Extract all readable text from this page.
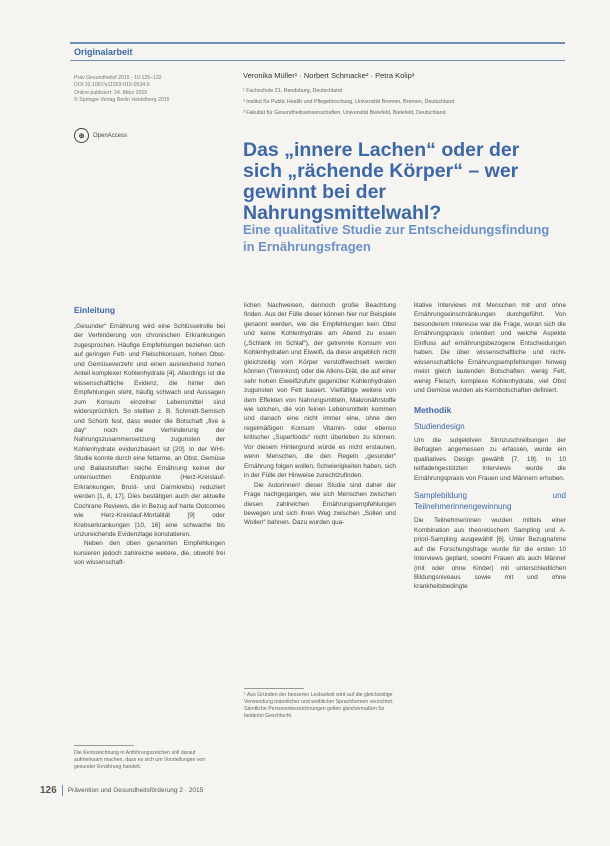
Originalarbeit
Präv Gesundheitsf 2015 · 10:126–132
DOI 10.1007/s11553-015-0534-5
Online publiziert: 24. März 2015
© Springer-Verlag Berlin Heidelberg 2015
⊕	OpenAccess
Veronika Müller¹ · Norbert Schmacke² · Petra Kolip³
¹ Fachschule 21, Rendsburg, Deutschland
² Institut für Public Health und Pflegeforschung, Universität Bremen, Bremen, Deutschland
³ Fakultät für Gesundheitswissenschaften, Universität Bielefeld, Bielefeld, Deutschland
Das „innere Lachen“ oder der sich „rächende Körper“ – wer gewinnt bei der Nahrungsmittelwahl?
Eine qualitative Studie zur Entscheidungsfindung in Ernährungsfragen
Einleitung

„Gesunder“ Ernährung wird eine Schlüsselrolle bei der Verhinderung von chronischen Erkrankungen zugesprochen. Häufige Empfehlungen beziehen sich auf geringen Fett- und Fleischkonsum, hohen Obst- und Gemüseverzehr und einen ausreichend hohen Anteil komplexer Kohlenhydrate [4]. Allerdings ist die wissenschaftliche Evidenz, die hinter den Empfehlungen steht, häufig schwach und Aussagen zum Konsum einzelner Lebensmittel sind widersprüchlich. So stellten z. B. Schmidt-Semisch und Schorb fest, dass weder die Botschaft „five a day“ noch die Verhinderung der Nahrungszusammensetzung zugunsten der Kohlenhydrate evidenzbasiert ist [20]. In der WHI-Studie konnte durch eine fettarme, an Obst, Gemüse und Ballaststoffen reiche Ernährung keiner der untersuchten Endpunkte (Herz-Kreislauf-Erkrankungen, Brust- und Darmkrebs) reduziert werden [1, 8, 17]. Dies bestätigen auch der aktuelle Cochrane Reviews, die in Bezug auf harte Outcomes wie Herz-Kreislauf-Mortalität [9] oder Krebserkrankungen [10, 16] eine schwache bis unzureichende Evidenzlage konstatieren.

Neben den oben genannten Empfehlungen kursieren jedoch zahlreiche weitere, die, obwohl frei von wissenschaft-

Die Kennzeichnung in Anführungszeichen soll darauf aufmerksam machen, dass es sich um Vorstellungen von gesunder Ernährung handelt.

lichen Nachweisen, dennoch große Beachtung finden. Aus der Fülle dieser können hier nur Beispiele genannt werden, wie die Empfehlungen kein Obst und keine Kohlenhydrate am Abend zu essen („Schlank im Schlaf“), der getrennte Konsum von Kohlenhydraten und Eiweiß, da diese angeblich nicht gleichzeitig vom Körper verstoffwechselt werden können (Trennkost) oder die Atkins-Diät, die auf einer sehr hohen Eiweißzufuhr gegenüber Kohlenhydraten zugunsten von Fett basiert. Vielfältige weitere von dem Effekten von Nahrungsmitteln, Makronährstoffe wie solchen, die von feinen Lebensmitteln kommen und danach eine nicht immer eine, ohne den regelmäßigen Konsum Vitamin- oder ebenso kritischer „Superfoods“ nicht überleben zu können. Vor diesem Hintergrund würde es nicht erstaunen, wenn Menschen, die den Regeln „gesunder“ Ernährung folgen wollen, Schwierigkeiten haben, sich in der Fülle der Hinweise zurechtzufinden.

Die Autorinnen¹ dieser Studie sind daher der Frage nachgegangen, wie sich Menschen zwischen diesen zahlreichen Ernährungsempfehlungen bewegen und sich ihren Weg zwischen „Sollen und Wollen“ bahnen. Dazu wurden qua-

¹ Aus Gründen der besseren Lesbarkeit wird auf die gleichzeitige Verwendung männlicher und weiblicher Sprachformen verzichtet. Sämtliche Personenbezeichnungen gelten gleichermaßen für beiderlei Geschlecht.

litative Interviews mit Menschen mit und ohne Ernährungseinschränkungen durchgeführt. Von besonderem Interesse war die Frage, woran sich die Ernährungspraxis orientiert und welche Aspekte Einfluss auf ernährungsbezogene Entscheidungen haben. Die über wissenschaftliche und nicht-wissenschaftliche Ernährungsempfehlungen hinweg meist gleich lautenden Botschaften: wenig Fett, wenig Fleisch, komplexe Kohlenhydrate, viel Obst und Gemüse wurden als Kernbotschaften definiert.

Methodik
Studiendesign

Um die subjektiven Sinnzuschreibungen der Befragten angemessen zu erfassen, wurde ein qualitatives Design gewählt [7, 19]. In 10 leitfadengestützten Interviews wurde die Ernährungspraxis von Frauen und Männern erhoben.

Samplebildung und Teilnehmerinnengewinnung

Die Teilnehmerinnen wurden mittels einer Kombination aus theoretischem Sampling und A-priori-Sampling ausgewählt [6]. Unter Bezugnahme auf die Forschungsfrage wurde für die ersten 10 Interviews geplant, sowohl Frauen als auch Männer (mit oder ohne Kinder) mit unterschiedlichen Bildungsniveaus sowie mit und ohne krankheitsbedingte

126 Prävention und Gesundheitsförderung 2 · 2015
